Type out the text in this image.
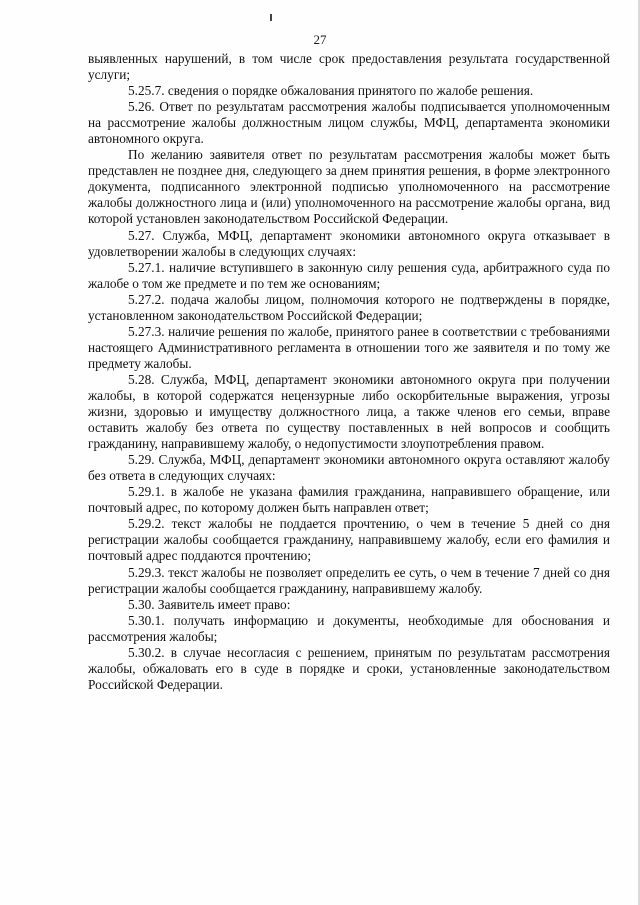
27

выявленных нарушений, в том числе срок предоставления результата государственной услуги;

5.25.7. сведения о порядке обжалования принятого по жалобе решения.

5.26. Ответ по результатам рассмотрения жалобы подписывается уполномоченным на рассмотрение жалобы должностным лицом службы, МФЦ, департамента экономики автономного округа.

По желанию заявителя ответ по результатам рассмотрения жалобы может быть представлен не позднее дня, следующего за днем принятия решения, в форме электронного документа, подписанного электронной подписью уполномоченного на рассмотрение жалобы должностного лица и (или) уполномоченного на рассмотрение жалобы органа, вид которой установлен законодательством Российской Федерации.

5.27. Служба, МФЦ, департамент экономики автономного округа отказывает в удовлетворении жалобы в следующих случаях:

5.27.1. наличие вступившего в законную силу решения суда, арбитражного суда по жалобе о том же предмете и по тем же основаниям;

5.27.2. подача жалобы лицом, полномочия которого не подтверждены в порядке, установленном законодательством Российской Федерации;

5.27.3. наличие решения по жалобе, принятого ранее в соответствии с требованиями настоящего Административного регламента в отношении того же заявителя и по тому же предмету жалобы.

5.28. Служба, МФЦ, департамент экономики автономного округа при получении жалобы, в которой содержатся нецензурные либо оскорбительные выражения, угрозы жизни, здоровью и имуществу должностного лица, а также членов его семьи, вправе оставить жалобу без ответа по существу поставленных в ней вопросов и сообщить гражданину, направившему жалобу, о недопустимости злоупотребления правом.

5.29. Служба, МФЦ, департамент экономики автономного округа оставляют жалобу без ответа в следующих случаях:

5.29.1. в жалобе не указана фамилия гражданина, направившего обращение, или почтовый адрес, по которому должен быть направлен ответ;

5.29.2. текст жалобы не поддается прочтению, о чем в течение 5 дней со дня регистрации жалобы сообщается гражданину, направившему жалобу, если его фамилия и почтовый адрес поддаются прочтению;

5.29.3. текст жалобы не позволяет определить ее суть, о чем в течение 7 дней со дня регистрации жалобы сообщается гражданину, направившему жалобу.

5.30. Заявитель имеет право:

5.30.1. получать информацию и документы, необходимые для обоснования и рассмотрения жалобы;

5.30.2. в случае несогласия с решением, принятым по результатам рассмотрения жалобы, обжаловать его в суде в порядке и сроки, установленные законодательством Российской Федерации.
